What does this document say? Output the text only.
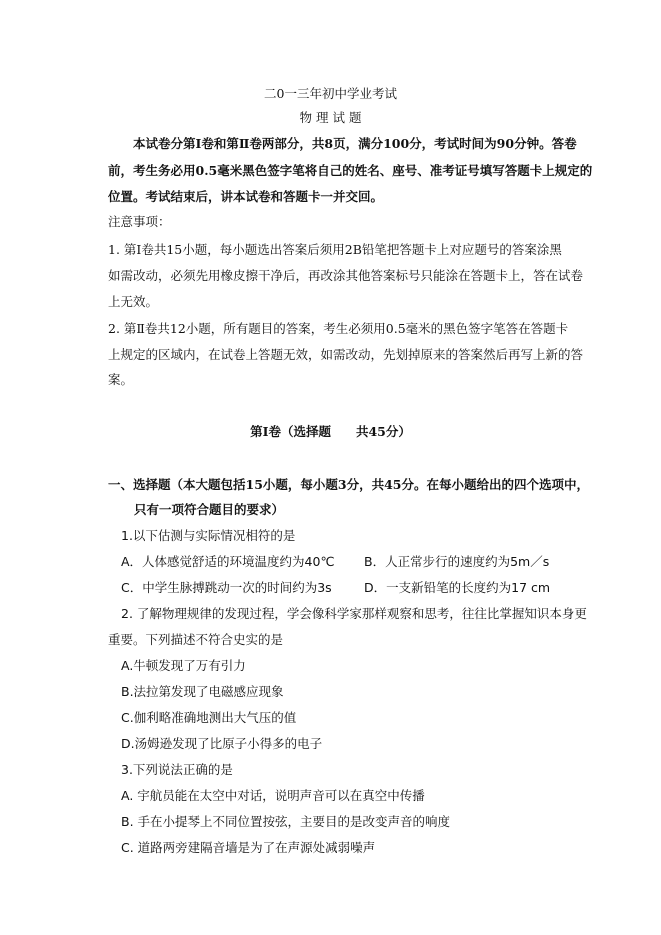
二0一三年初中学业考试
物 理 试 题
本试卷分第Ⅰ卷和第Ⅱ卷两部分，共8页，满分100分，考试时间为90分钟。答卷
前，考生务必用0.5毫米黑色签字笔将自己的姓名、座号、准考证号填写答题卡上规定的
位置。考试结束后，讲本试卷和答题卡一并交回。
注意事项：
1. 第Ⅰ卷共15小题，每小题选出答案后须用2B铅笔把答题卡上对应题号的答案涂黑
如需改动，必须先用橡皮擦干净后，再改涂其他答案标号只能涂在答题卡上，答在试卷
上无效。
2. 第Ⅱ卷共12小题，所有题目的答案，考生必须用0.5毫米的黑色签字笔答在答题卡
上规定的区域内，在试卷上答题无效，如需改动，先划掉原来的答案然后再写上新的答
案。
第Ⅰ卷（选择题　　共45分）
一、选择题（本大题包括15小题，每小题3分，共45分。在每小题给出的四个选项中，
只有一项符合题目的要求）
1.以下估测与实际情况相符的是
A．人体感觉舒适的环境温度约为40℃ B．人正常步行的速度约为5m／s
C．中学生脉搏跳动一次的时间约为3s	D．一支新铅笔的长度约为17 cm
2. 了解物理规律的发现过程，学会像科学家那样观察和思考，往往比掌握知识本身更
重要。下列描述不符合史实的是
A.牛顿发现了万有引力
B.法拉第发现了电磁感应现象
C.伽利略准确地测出大气压的值
D.汤姆逊发现了比原子小得多的电子
3.下列说法正确的是
A. 宇航员能在太空中对话，说明声音可以在真空中传播
B. 手在小提琴上不同位置按弦，主要目的是改变声音的响度
C. 道路两旁建隔音墙是为了在声源处减弱噪声
